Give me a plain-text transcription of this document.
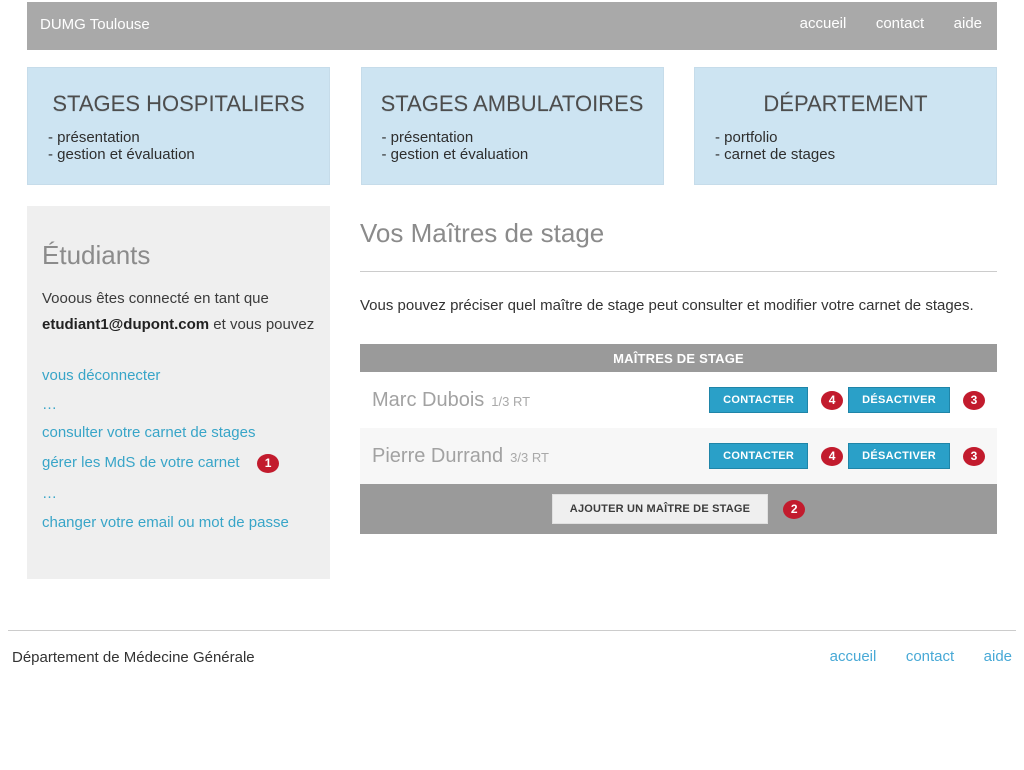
DUMG Toulouse	accueil contact aide
STAGES HOSPITALIERS
- présentation
- gestion et évaluation
STAGES AMBULATOIRES
- présentation
- gestion et évaluation
DÉPARTEMENT
- portfolio
- carnet de stages
Étudiants

Vooous êtes connecté en tant que etudiant1@dupont.com et vous pouvez

vous déconnecter
…
consulter votre carnet de stages
gérer les MdS de votre carnet 1
…
changer votre email ou mot de passe
Vos Maîtres de stage

Vous pouvez préciser quel maître de stage peut consulter et modifier votre carnet de stages.

MAÎTRES DE STAGE
Marc Dubois 1/3 RT	CONTACTER	4	DÉSACTIVER	3
Pierre Durrand 3/3 RT	CONTACTER	4	DÉSACTIVER	3
AJOUTER UN MAÎTRE DE STAGE	2
Département de Médecine Générale	accueil contact aide
